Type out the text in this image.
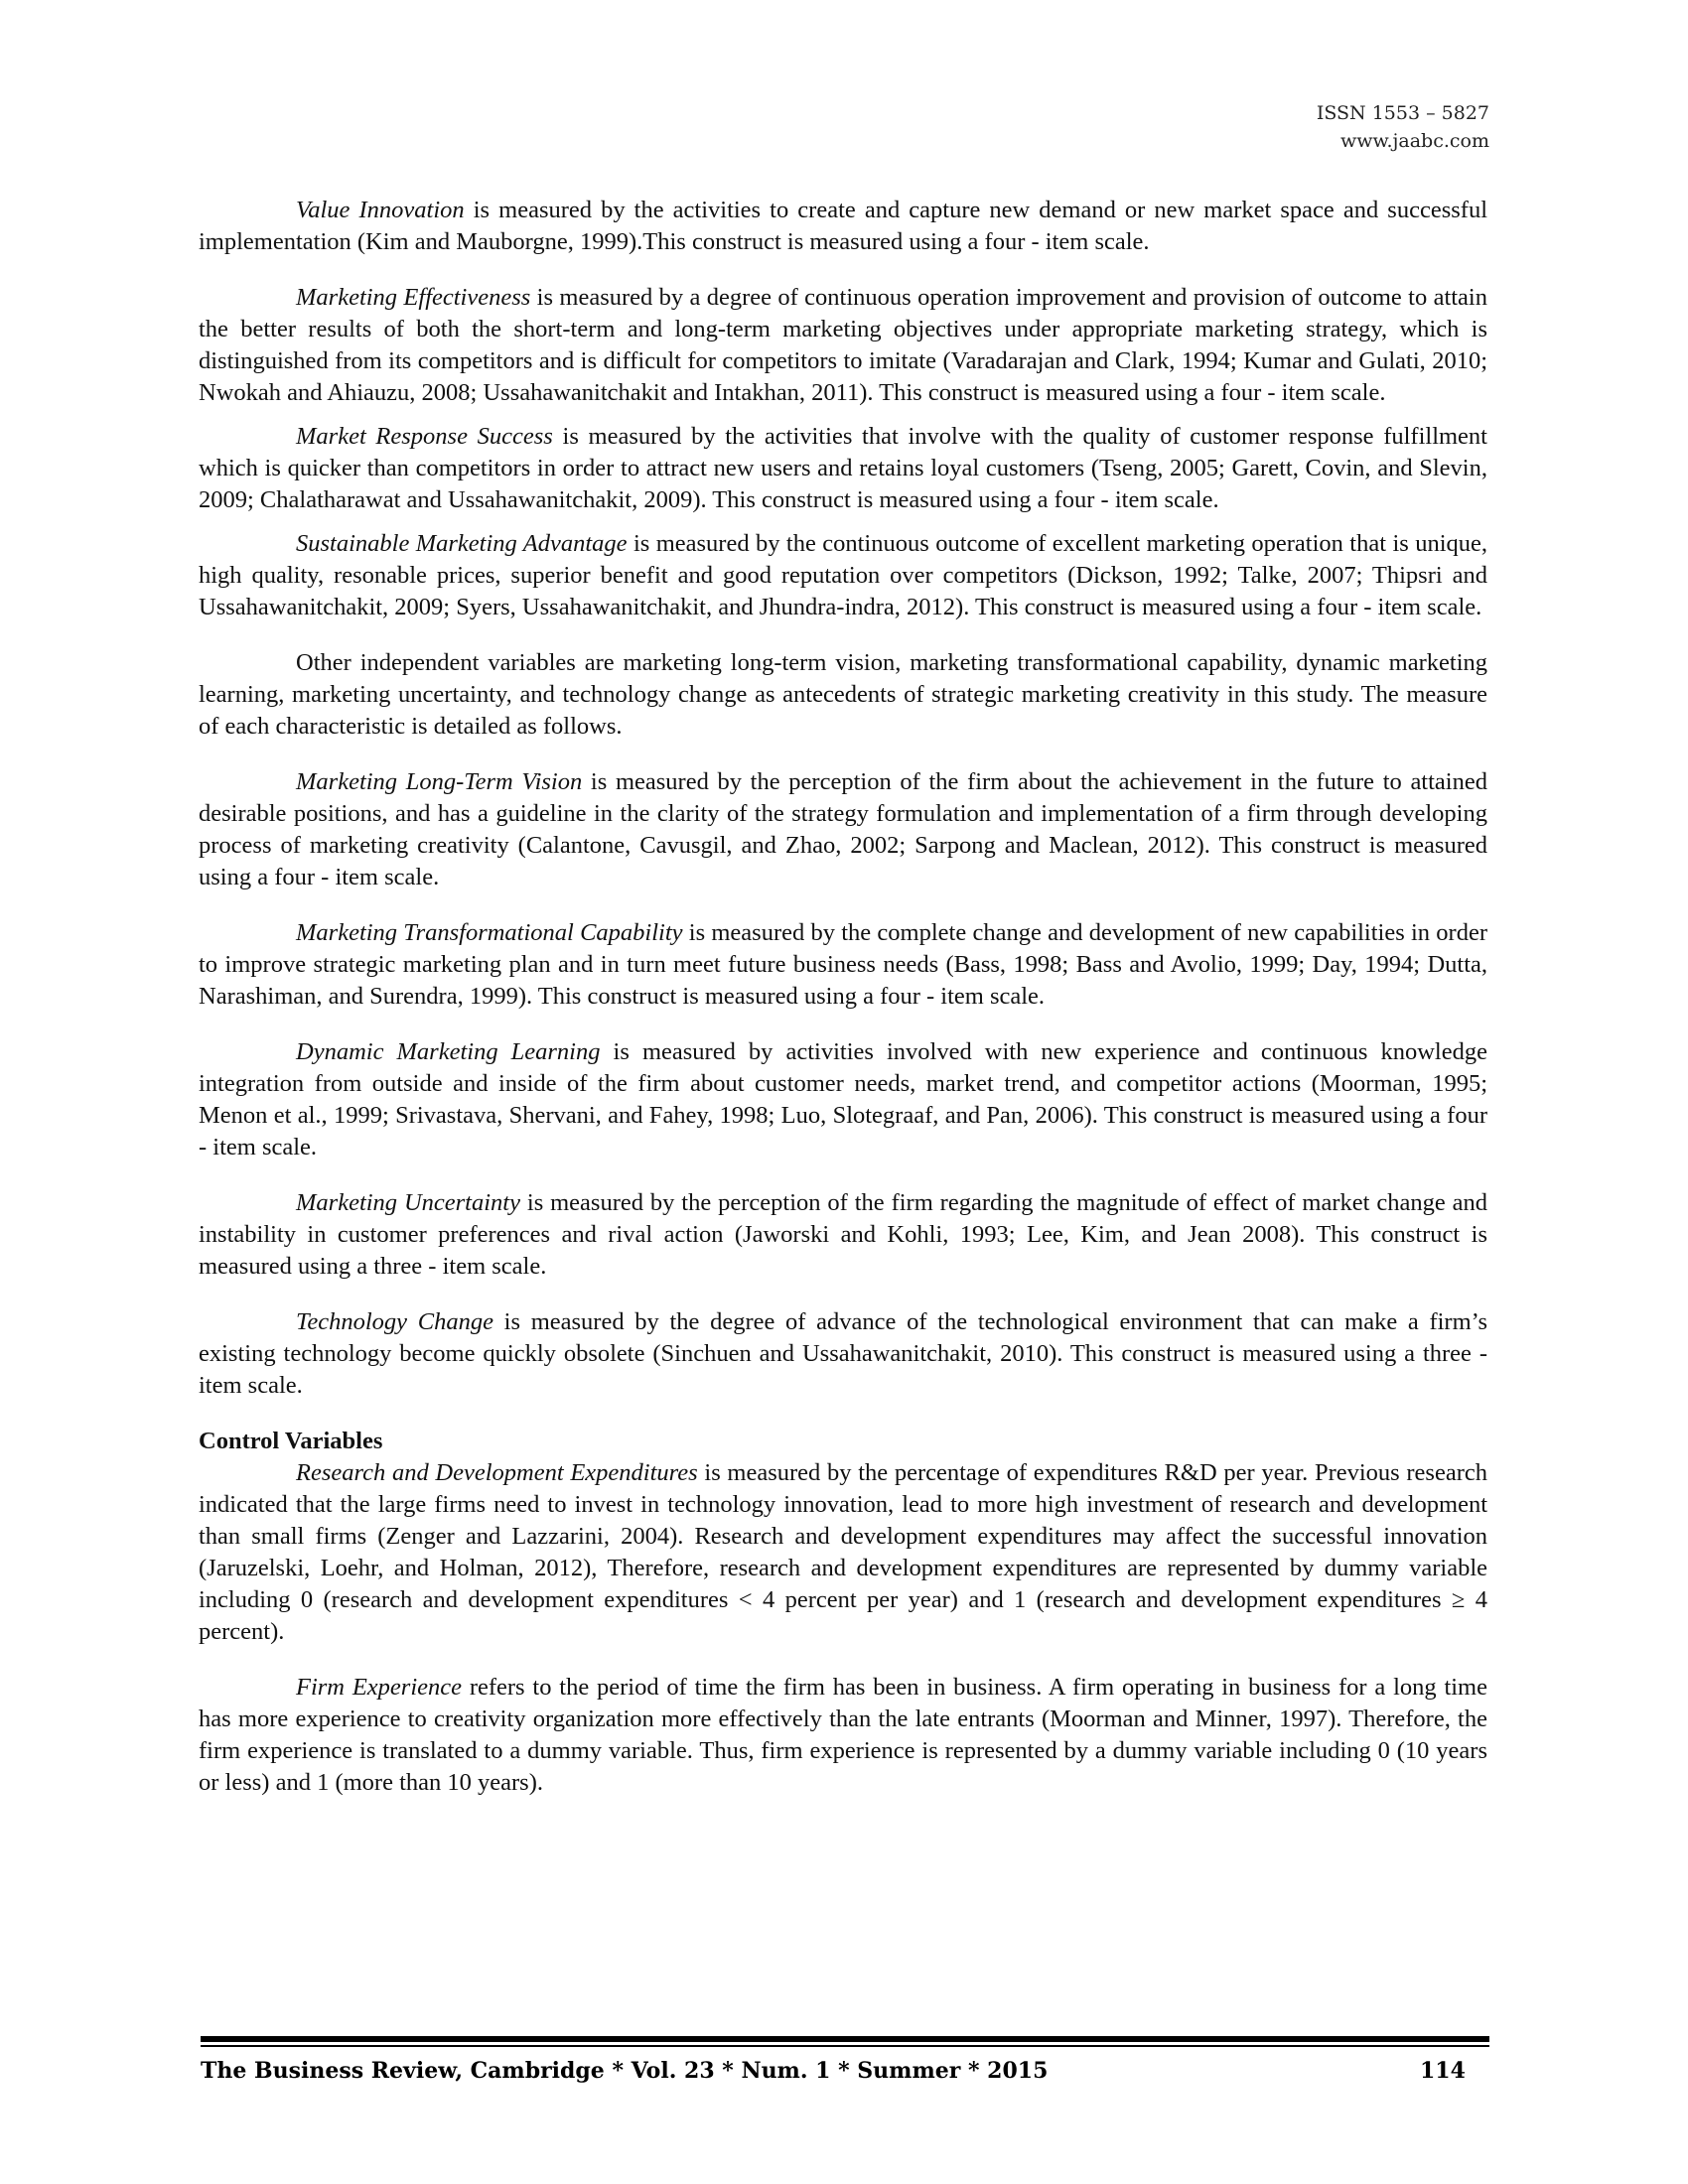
ISSN 1553 – 5827
www.jaabc.com

Value Innovation is measured by the activities to create and capture new demand or new market space and successful implementation (Kim and Mauborgne, 1999).This construct is measured using a four - item scale.

Marketing Effectiveness is measured by a degree of continuous operation improvement and provision of outcome to attain the better results of both the short-term and long-term marketing objectives under appropriate marketing strategy, which is distinguished from its competitors and is difficult for competitors to imitate (Varadarajan and Clark, 1994; Kumar and Gulati, 2010; Nwokah and Ahiauzu, 2008; Ussahawanitchakit and Intakhan, 2011). This construct is measured using a four - item scale.

Market Response Success is measured by the activities that involve with the quality of customer response fulfillment which is quicker than competitors in order to attract new users and retains loyal customers (Tseng, 2005; Garett, Covin, and Slevin, 2009; Chalatharawat and Ussahawanitchakit, 2009). This construct is measured using a four - item scale.

Sustainable Marketing Advantage is measured by the continuous outcome of excellent marketing operation that is unique, high quality, resonable prices, superior benefit and good reputation over competitors (Dickson, 1992; Talke, 2007; Thipsri and Ussahawanitchakit, 2009; Syers, Ussahawanitchakit, and Jhundra-indra, 2012). This construct is measured using a four - item scale.

Other independent variables are marketing long-term vision, marketing transformational capability, dynamic marketing learning, marketing uncertainty, and technology change as antecedents of strategic marketing creativity in this study. The measure of each characteristic is detailed as follows.

Marketing Long-Term Vision is measured by the perception of the firm about the achievement in the future to attained desirable positions, and has a guideline in the clarity of the strategy formulation and implementation of a firm through developing process of marketing creativity (Calantone, Cavusgil, and Zhao, 2002; Sarpong and Maclean, 2012). This construct is measured using a four - item scale.

Marketing Transformational Capability is measured by the complete change and development of new capabilities in order to improve strategic marketing plan and in turn meet future business needs (Bass, 1998; Bass and Avolio, 1999; Day, 1994; Dutta, Narashiman, and Surendra, 1999). This construct is measured using a four - item scale.

Dynamic Marketing Learning is measured by activities involved with new experience and continuous knowledge integration from outside and inside of the firm about customer needs, market trend, and competitor actions (Moorman, 1995; Menon et al., 1999; Srivastava, Shervani, and Fahey, 1998; Luo, Slotegraaf, and Pan, 2006). This construct is measured using a four - item scale.

Marketing Uncertainty is measured by the perception of the firm regarding the magnitude of effect of market change and instability in customer preferences and rival action (Jaworski and Kohli, 1993; Lee, Kim, and Jean 2008). This construct is measured using a three - item scale.

Technology Change is measured by the degree of advance of the technological environment that can make a firm’s existing technology become quickly obsolete (Sinchuen and Ussahawanitchakit, 2010). This construct is measured using a three - item scale.

Control Variables

Research and Development Expenditures is measured by the percentage of expenditures R&D per year. Previous research indicated that the large firms need to invest in technology innovation, lead to more high investment of research and development than small firms (Zenger and Lazzarini, 2004). Research and development expenditures may affect the successful innovation (Jaruzelski, Loehr, and Holman, 2012), Therefore, research and development expenditures are represented by dummy variable including 0 (research and development expenditures < 4 percent per year) and 1 (research and development expenditures ≥ 4 percent).

Firm Experience refers to the period of time the firm has been in business. A firm operating in business for a long time has more experience to creativity organization more effectively than the late entrants (Moorman and Minner, 1997). Therefore, the firm experience is translated to a dummy variable. Thus, firm experience is represented by a dummy variable including 0 (10 years or less) and 1 (more than 10 years).

The Business Review, Cambridge * Vol. 23 * Num. 1 * Summer * 2015	114
